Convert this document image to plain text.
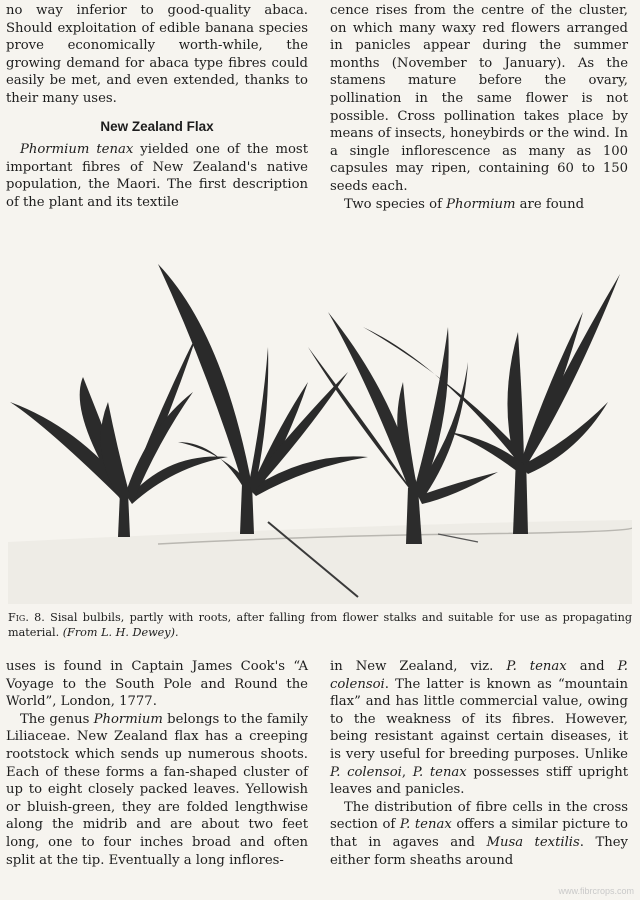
no way inferior to good-quality abaca. Should exploitation of edible banana species prove economically worth-while, the growing demand for abaca type fibres could easily be met, and even extended, thanks to their many uses.

New Zealand Flax

Phormium tenax yielded one of the most important fibres of New Zealand's native population, the Maori. The first description of the plant and its textile

cence rises from the centre of the cluster, on which many waxy red flowers arranged in panicles appear during the summer months (November to January). As the stamens mature before the ovary, pollination in the same flower is not possible. Cross pollination takes place by means of insects, honeybirds or the wind. In a single inflorescence as many as 100 capsules may ripen, containing 60 to 150 seeds each.

Two species of Phormium are found

Fig. 8. Sisal bulbils, partly with roots, after falling from flower stalks and suitable for use as propagating material. (From L. H. Dewey).

uses is found in Captain James Cook's “A Voyage to the South Pole and Round the World”, London, 1777.

The genus Phormium belongs to the family Liliaceae. New Zealand flax has a creeping rootstock which sends up numerous shoots. Each of these forms a fan-shaped cluster of up to eight closely packed leaves. Yellowish or bluish-green, they are folded lengthwise along the midrib and are about two feet long, one to four inches broad and often split at the tip. Eventually a long inflores-

in New Zealand, viz. P. tenax and P. colensoi. The latter is known as “mountain flax” and has little commercial value, owing to the weakness of its fibres. However, being resistant against certain diseases, it is very useful for breeding purposes. Unlike P. colensoi, P. tenax possesses stiff upright leaves and panicles.

The distribution of fibre cells in the cross section of P. tenax offers a similar picture to that in agaves and Musa textilis. They either form sheaths around

www.fibrcrops.com
